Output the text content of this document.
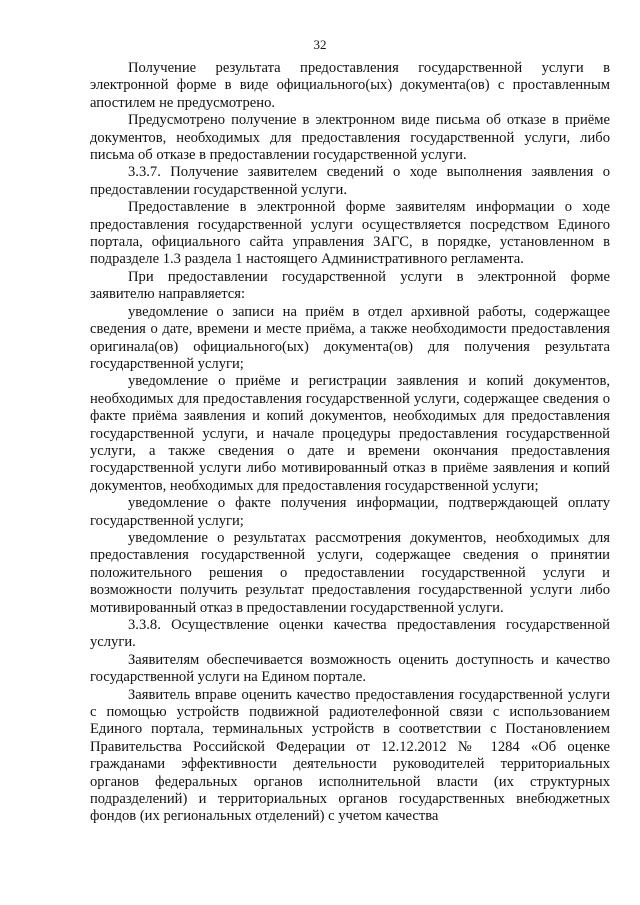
32

Получение результата предоставления государственной услуги в электронной форме в виде официального(ых) документа(ов) с проставленным апостилем не предусмотрено.

Предусмотрено получение в электронном виде письма об отказе в приёме документов, необходимых для предоставления государственной услуги, либо письма об отказе в предоставлении государственной услуги.

3.3.7. Получение заявителем сведений о ходе выполнения заявления о предоставлении государственной услуги.

Предоставление в электронной форме заявителям информации о ходе предоставления государственной услуги осуществляется посредством Единого портала, официального сайта управления ЗАГС, в порядке, установленном в подразделе 1.3 раздела 1 настоящего Административного регламента.

При предоставлении государственной услуги в электронной форме заявителю направляется:

уведомление о записи на приём в отдел архивной работы, содержащее сведения о дате, времени и месте приёма, а также необходимости предоставления оригинала(ов) официального(ых) документа(ов) для получения результата государственной услуги;

уведомление о приёме и регистрации заявления и копий документов, необходимых для предоставления государственной услуги, содержащее сведения о факте приёма заявления и копий документов, необходимых для предоставления государственной услуги, и начале процедуры предоставления государственной услуги, а также сведения о дате и времени окончания предоставления государственной услуги либо мотивированный отказ в приёме заявления и копий документов, необходимых для предоставления государственной услуги;

уведомление о факте получения информации, подтверждающей оплату государственной услуги;

уведомление о результатах рассмотрения документов, необходимых для предоставления государственной услуги, содержащее сведения о принятии положительного решения о предоставлении государственной услуги и возможности получить результат предоставления государственной услуги либо мотивированный отказ в предоставлении государственной услуги.

3.3.8. Осуществление оценки качества предоставления государственной услуги.

Заявителям обеспечивается возможность оценить доступность и качество государственной услуги на Едином портале.

Заявитель вправе оценить качество предоставления государственной услуги с помощью устройств подвижной радиотелефонной связи с использованием Единого портала, терминальных устройств в соответствии с Постановлением Правительства Российской Федерации от 12.12.2012 № 1284 «Об оценке гражданами эффективности деятельности руководителей территориальных органов федеральных органов исполнительной власти (их структурных подразделений) и территориальных органов государственных внебюджетных фондов (их региональных отделений) с учетом качества
